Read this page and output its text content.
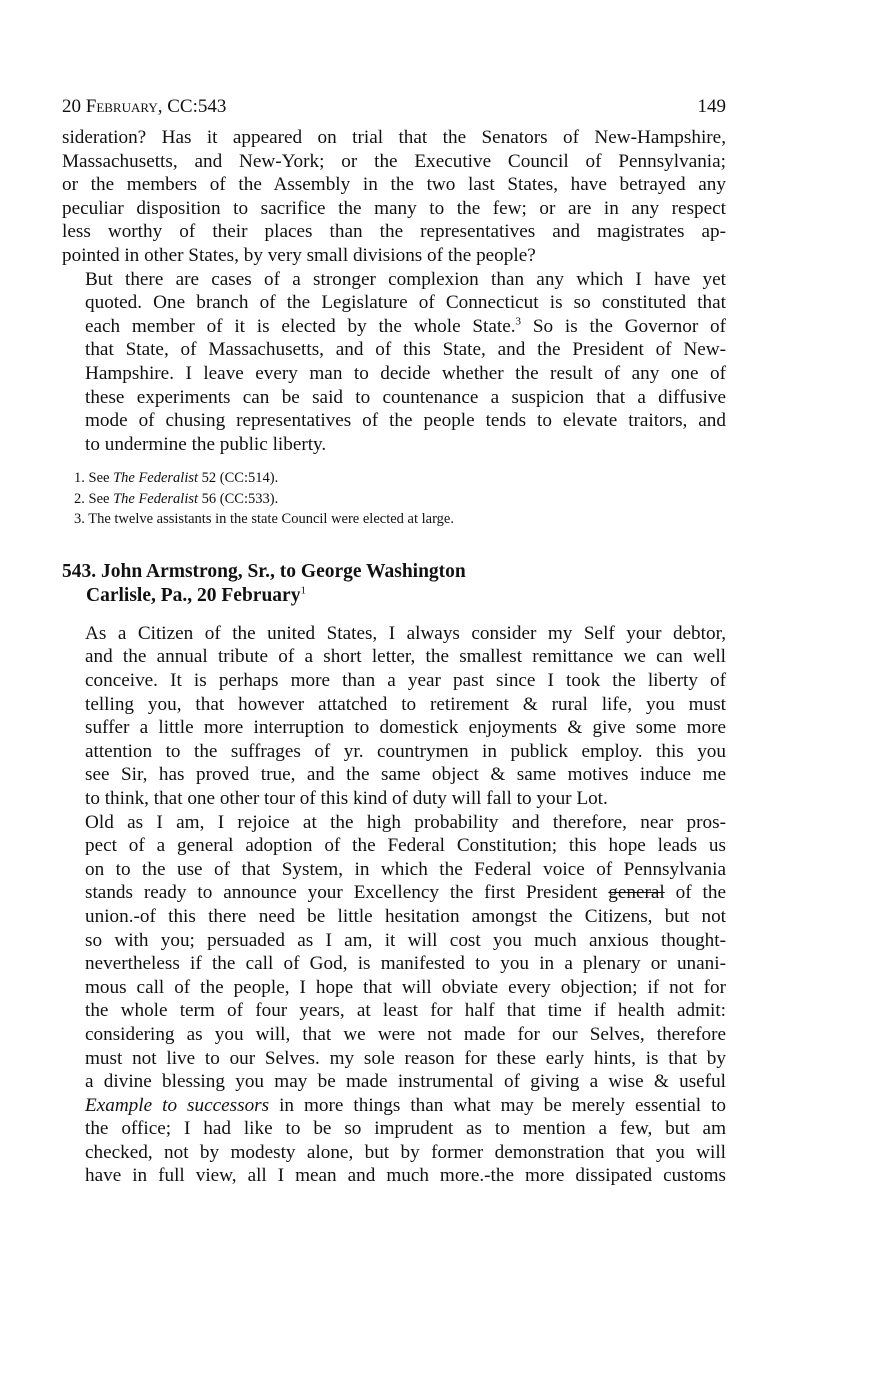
20 February, CC:543	149

sideration? Has it appeared on trial that the Senators of New-Hampshire,
Massachusetts, and New-York; or the Executive Council of Pennsylvania;
or the members of the Assembly in the two last States, have betrayed any
peculiar disposition to sacrifice the many to the few; or are in any respect
less worthy of their places than the representatives and magistrates ap-
pointed in other States, by very small divisions of the people?

But there are cases of a stronger complexion than any which I have yet
quoted. One branch of the Legislature of Connecticut is so constituted that
each member of it is elected by the whole State.$^3$ So is the Governor of
that State, of Massachusetts, and of this State, and the President of New-
Hampshire. I leave every man to decide whether the result of any one of
these experiments can be said to countenance a suspicion that a diffusive
mode of chusing representatives of the people tends to elevate traitors, and
to undermine the public liberty.

1. See The Federalist 52 (CC:514).
2. See The Federalist 56 (CC:533).
3. The twelve assistants in the state Council were elected at large.
543. John Armstrong, Sr., to George Washington
Carlisle, Pa., 20 February$^1$

As a Citizen of the united States, I always consider my Self your debtor,
and the annual tribute of a short letter, the smallest remittance we can well
conceive. It is perhaps more than a year past since I took the liberty of
telling you, that however attatched to retirement & rural life, you must
suffer a little more interruption to domestick enjoyments & give some more
attention to the suffrages of yr. countrymen in publick employ. this you
see Sir, has proved true, and the same object & same motives induce me
to think, that one other tour of this kind of duty will fall to your Lot.

Old as I am, I rejoice at the high probability and therefore, near pros-
pect of a general adoption of the Federal Constitution; this hope leads us
on to the use of that System, in which the Federal voice of Pennsylvania
stands ready to announce your Excellency the first President general of the
union.-of this there need be little hesitation amongst the Citizens, but not
so with you; persuaded as I am, it will cost you much anxious thought-
nevertheless if the call of God, is manifested to you in a plenary or unani-
mous call of the people, I hope that will obviate every objection; if not for
the whole term of four years, at least for half that time if health admit:
considering as you will, that we were not made for our Selves, therefore
must not live to our Selves. my sole reason for these early hints, is that by
a divine blessing you may be made instrumental of giving a wise & useful
Example to successors in more things than what may be merely essential to
the office; I had like to be so imprudent as to mention a few, but am
checked, not by modesty alone, but by former demonstration that you will
have in full view, all I mean and much more.-the more dissipated customs
